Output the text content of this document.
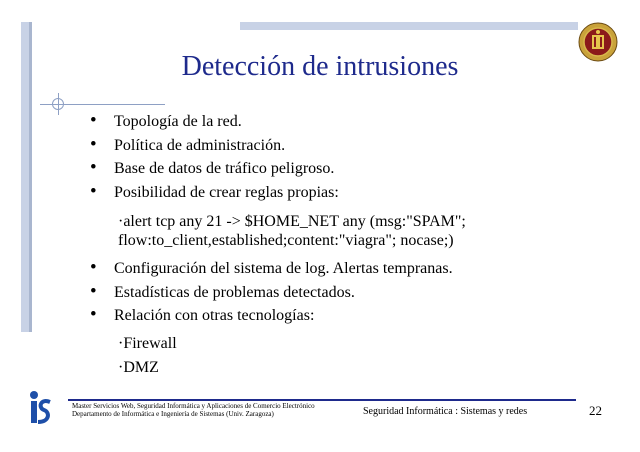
Detección de intrusiones
• Topología de la red.
• Política de administración.
• Base de datos de tráfico peligroso.
• Posibilidad de crear reglas propias:
·alert tcp any 21 -> $HOME_NET any (msg:"SPAM";
flow:to_client,established;content:"viagra"; nocase;)
• Configuración del sistema de log. Alertas tempranas.
• Estadísticas de problemas detectados.
• Relación con otras tecnologías:
·Firewall
·DMZ
Master Servicios Web, Seguridad Informática y Aplicaciones de Comercio Electrónico
Departamento de Informática e Ingeniería de Sistemas (Univ. Zaragoza)	Seguridad Informática : Sistemas y redes	22
